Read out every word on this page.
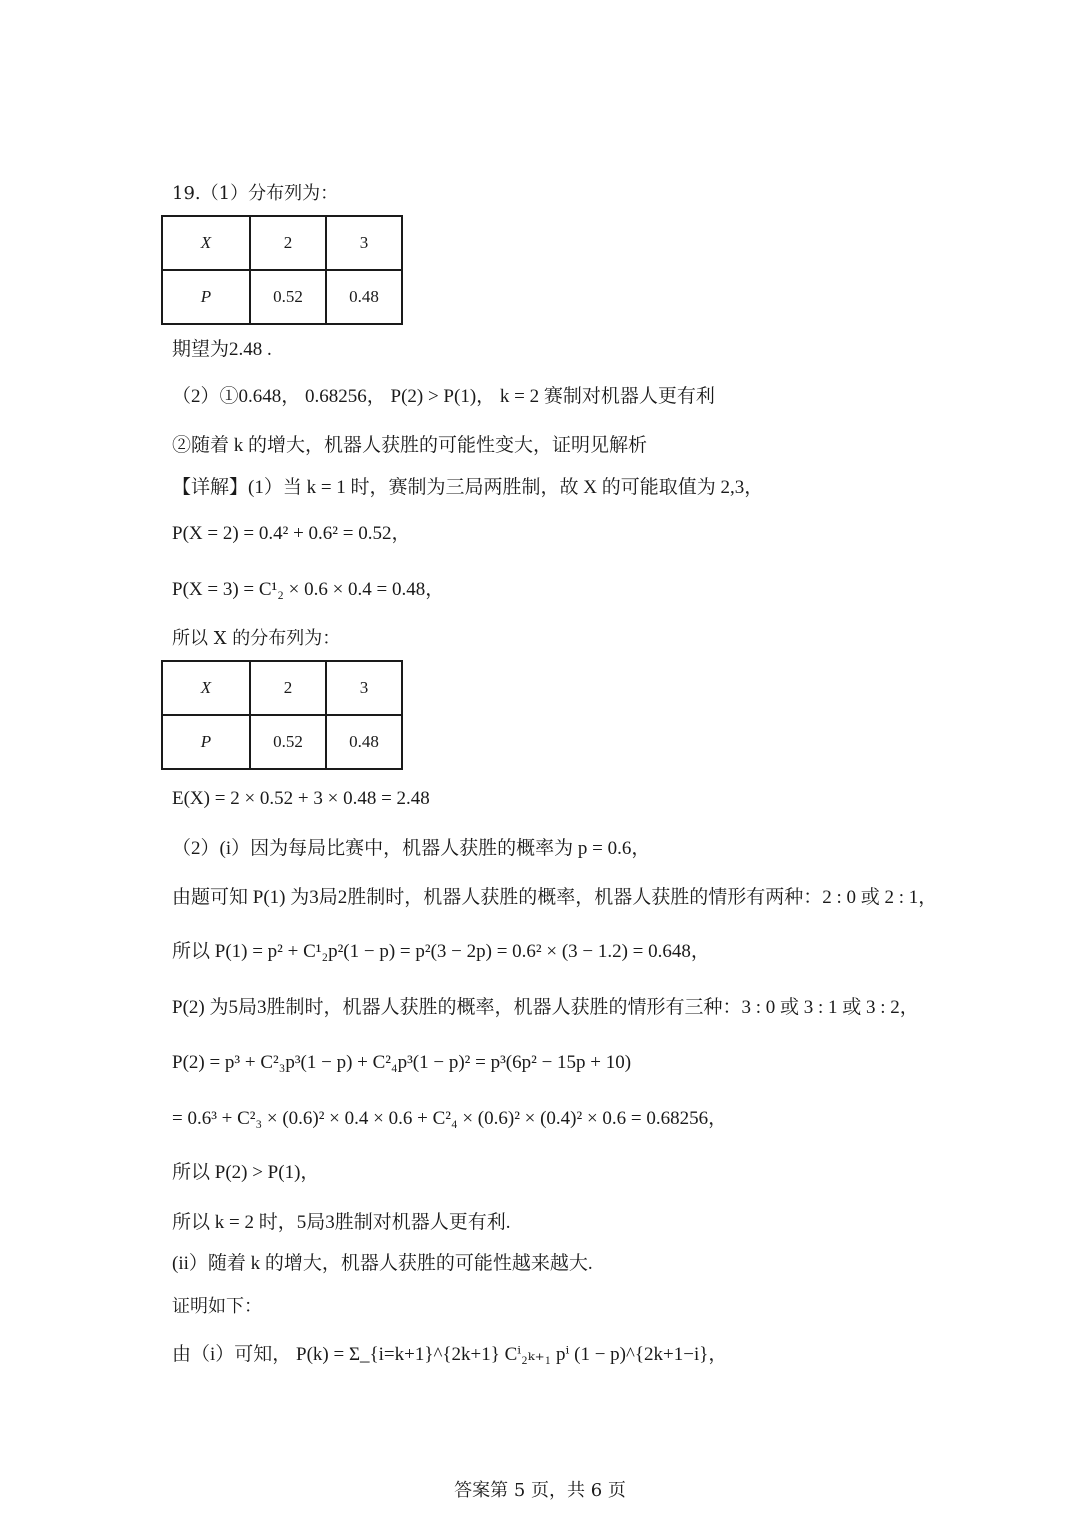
19.（1）分布列为：
X	2	3
P	0.52	0.48
期望为2.48 .
（2）①0.648， 0.68256， P(2) > P(1)， k = 2 赛制对机器人更有利
②随着 k 的增大，机器人获胜的可能性变大，证明见解析
【详解】(1）当 k = 1 时，赛制为三局两胜制，故 X 的可能取值为 2,3，
P(X = 2) = 0.4² + 0.6² = 0.52，
P(X = 3) = C¹₂ × 0.6 × 0.4 = 0.48，
所以 X 的分布列为：
X	2	3
P	0.52	0.48
E(X) = 2 × 0.52 + 3 × 0.48 = 2.48
（2）(i）因为每局比赛中，机器人获胜的概率为 p = 0.6，
由题可知 P(1) 为3局2胜制时，机器人获胜的概率，机器人获胜的情形有两种：2 : 0 或 2 : 1，
所以 P(1) = p² + C¹₂p²(1 − p) = p²(3 − 2p) = 0.6² × (3 − 1.2) = 0.648，
P(2) 为5局3胜制时，机器人获胜的概率，机器人获胜的情形有三种：3 : 0 或 3 : 1 或 3 : 2，
P(2) = p³ + C²₃p³(1 − p) + C²₄p³(1 − p)² = p³(6p² − 15p + 10)
= 0.6³ + C²₃ × (0.6)² × 0.4 × 0.6 + C²₄ × (0.6)² × (0.4)² × 0.6 = 0.68256，
所以 P(2) > P(1)，
所以 k = 2 时，5局3胜制对机器人更有利.
(ii）随着 k 的增大，机器人获胜的可能性越来越大.
证明如下：
由（i）可知， P(k) = Σ_{i=k+1}^{2k+1} Cⁱ₂ₖ₊₁ pⁱ (1 − p)^{2k+1−i}，
答案第 5 页，共 6 页
